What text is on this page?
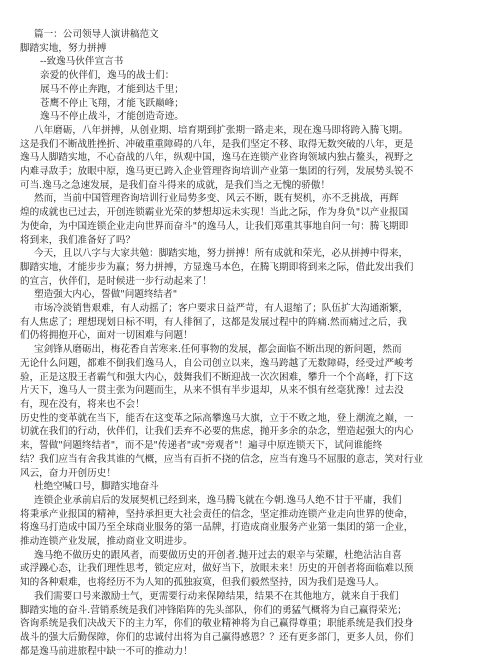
篇一：公司领导人演讲稿范文
脚踏实地，努力拼搏
--致逸马伙伴宣言书
亲爱的伙伴们，逸马的战士们：
展马不停止奔跑，才能到达千里；
苍鹰不停止飞翔，才能飞跃巅峰；
逸马不停止战斗，才能创造奇迹。
八年磨砺，八年拼搏，从创业期、培育期到扩张期一路走来，现在逸马即将跨入腾飞期。
这是我们不断战胜挫折、冲破重重障碍的八年，是我们坚定不移、取得无数突破的八年，更是
逸马人脚踏实地，不心奋战的八年，纵观中国，逸马在连锁产业咨询领域内独占鳌头，视野之
内难寻敌手；放眼中原，逸马更已跨入企业管理咨询培训产业第一集团的行列，发展势头锐不
可当.逸马之急速发展，是我们奋斗得来的成就，是我们当之无愧的骄傲！
然而，当前中国管理咨询培训行业局势多变、风云不断，既有契机，亦不乏挑战，再辉
煌的成就也已过去，开创连锁霸业光荣的梦想却远未实现！当此之际，作为身负"以产业报国
为使命，为中国连锁企业走向世界而奋斗"的逸马人，让我们郑重其事地自问一句：腾飞期即
将到来，我们准备好了吗？
今天，且以八字与大家共勉：脚踏实地，努力拼搏！所有成就和荣光，必从拼搏中得来，
脚踏实地，才能步步为赢；努力拼搏，方显逸马本色，在腾飞期即将到来之际，借此发出我们
的宣言，伙伴们，是时候进一步行动起来了！
塑造强大内心，誓做"问题终结者"
市场冷淡销售艰难，有人动摇了；客户要求日益严苛，有人退缩了；队伍扩大沟通渐繁，
有人焦虑了；理想现划日标不明，有人徘徊了，这都是发展过程中的阵痛.然而痛过之后，我
们仍将拥抱开心，面对一切困难与问题！
宝剑锋从磨砺出，梅花香自苦寒来.任何事物的发展，都会面临不断出现的新问题，然而
无论什么问题，都难不倒我们逸马人，自公司创立以来，逸马跨越了无数障碍，经受过严峻考
验，正是这股王者霸气和强大内心，鼓舞我们不断迎战一次次困难，攀升一个个高峰，打下这
片天下，逸马人一贯主张为问题而生，从来不惧有半步退却，从来不惧有丝毫犹豫！过去没
有，现在没有，将来也不会！
历史性的变革就在当下，能否在这变革之际高攀逸马大旗，立于不败之地，登上潮流之巅，一
切就在我们的行动，伙伴们，让我们丢弃不必要的焦虑，抛开多余的杂念，塑造起强大的内心
来，誓做"问题终结者"，而不是"传递者"或"旁观者"！遍寻中原连锁天下，试问谁能终
结？我们应当有舍我其谁的气概，应当有百折不挠的信念，应当有逸马不屈服的意志，笑对行业
风云，奋力开创历史！
杜绝空喊口号，脚踏实地奋斗
连锁企业承前启后的发展契机已经到来，逸马腾飞就在今朝.逸马人绝不甘于平庸，我们
将秉承产业报国的精神，坚持承担更大社会责任的信念，坚定推动连锁产业走向世界的使命，
将逸马打造成中国乃至全球商业服务的第一品牌，打造成商业服务产业第一集团的第一企业，
推动连锁产业发展，推动商业文明进步。
逸马绝不做历史的跟风者，而要做历史的开创者.抛开过去的艰辛与荣耀，杜绝沾沾自喜
或浮躁心态，让我们理性思考，锁定应对，做好当下，放眼未来！历史的开创者将面临难以预
知的各种艰难，也将经历不为人知的孤独寂寞，但我们毅然坚持，因为我们是逸马人。
我们需要口号来激励士气，更需要行动来保障结果，结果不在其他地方，就来自于我们
脚踏实地的奋斗.营销系统是我们冲锋陷阵的先头部队，你们的勇猛气概将为自己赢得荣光；
咨询系统是我们决战天下的主力军，你们的敬业精神将为自己赢得尊重；职能系统是我们投身
战斗的强大后勤保障，你们的忠诚付出将为自己赢得感恩？？还有更多部门，更多人员，你们
都是逸马前进旅程中缺一不可的推动力！
